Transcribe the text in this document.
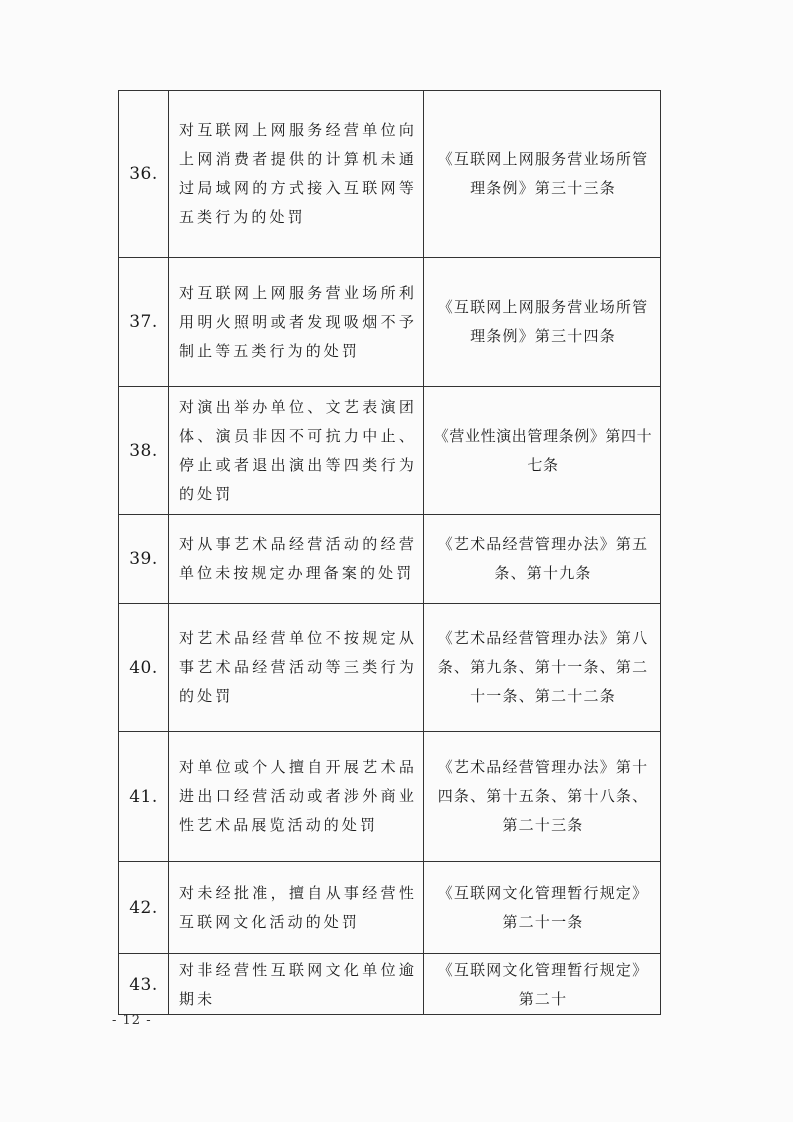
36.	对互联网上网服务经营单位向上网消费者提供的计算机未通过局域网的方式接入互联网等五类行为的处罚	《互联网上网服务营业场所管理条例》第三十三条
37.	对互联网上网服务营业场所利用明火照明或者发现吸烟不予制止等五类行为的处罚	《互联网上网服务营业场所管理条例》第三十四条
38.	对演出举办单位、文艺表演团体、演员非因不可抗力中止、停止或者退出演出等四类行为的处罚	《营业性演出管理条例》第四十七条
39.	对从事艺术品经营活动的经营单位未按规定办理备案的处罚	《艺术品经营管理办法》第五条、第十九条
40.	对艺术品经营单位不按规定从事艺术品经营活动等三类行为的处罚	《艺术品经营管理办法》第八条、第九条、第十一条、第二十一条、第二十二条
41.	对单位或个人擅自开展艺术品进出口经营活动或者涉外商业性艺术品展览活动的处罚	《艺术品经营管理办法》第十四条、第十五条、第十八条、第二十三条
42.	对未经批准，擅自从事经营性互联网文化活动的处罚	《互联网文化管理暂行规定》第二十一条
43.	对非经营性互联网文化单位逾期未	《互联网文化管理暂行规定》第二十
- 12 -
